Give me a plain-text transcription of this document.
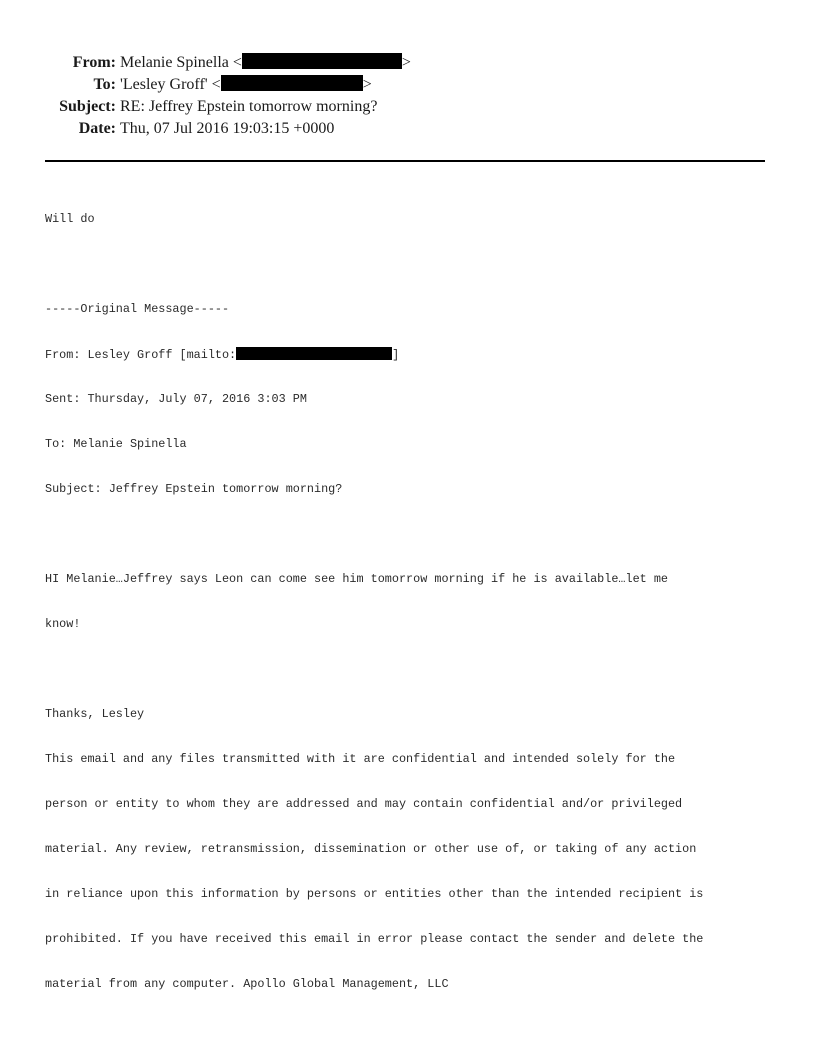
From: Melanie Spinella <	>
To: 'Lesley Groff' <	>
Subject: RE: Jeffrey Epstein tomorrow morning?
Date: Thu, 07 Jul 2016 19:03:15 +0000

Will do

-----Original Message-----

From: Lesley Groff [mailto:	]

Sent: Thursday, July 07, 2016 3:03 PM

To: Melanie Spinella

Subject: Jeffrey Epstein tomorrow morning?

HI Melanie…Jeffrey says Leon can come see him tomorrow morning if he is available…let me

know!

Thanks, Lesley

This email and any files transmitted with it are confidential and intended solely for the

person or entity to whom they are addressed and may contain confidential and/or privileged

material. Any review, retransmission, dissemination or other use of, or taking of any action

in reliance upon this information by persons or entities other than the intended recipient is

prohibited. If you have received this email in error please contact the sender and delete the

material from any computer. Apollo Global Management, LLC
